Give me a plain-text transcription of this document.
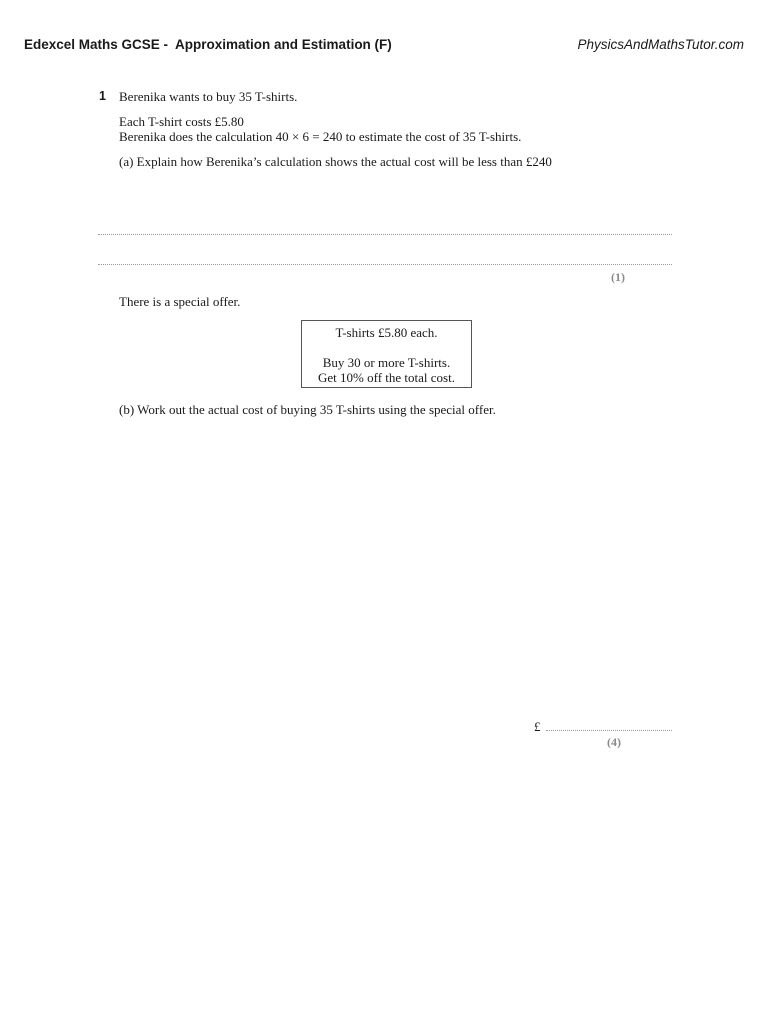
Edexcel Maths GCSE -  Approximation and Estimation (F)	PhysicsAndMathsTutor.com
1 Berenika wants to buy 35 T-shirts.
Each T-shirt costs £5.80
Berenika does the calculation 40 × 6 = 240 to estimate the cost of 35 T-shirts.
(a) Explain how Berenika’s calculation shows the actual cost will be less than £240
(1)
There is a special offer.
T-shirts £5.80 each.
Buy 30 or more T-shirts.
Get 10% off the total cost.
(b) Work out the actual cost of buying 35 T-shirts using the special offer.
£
(4)
